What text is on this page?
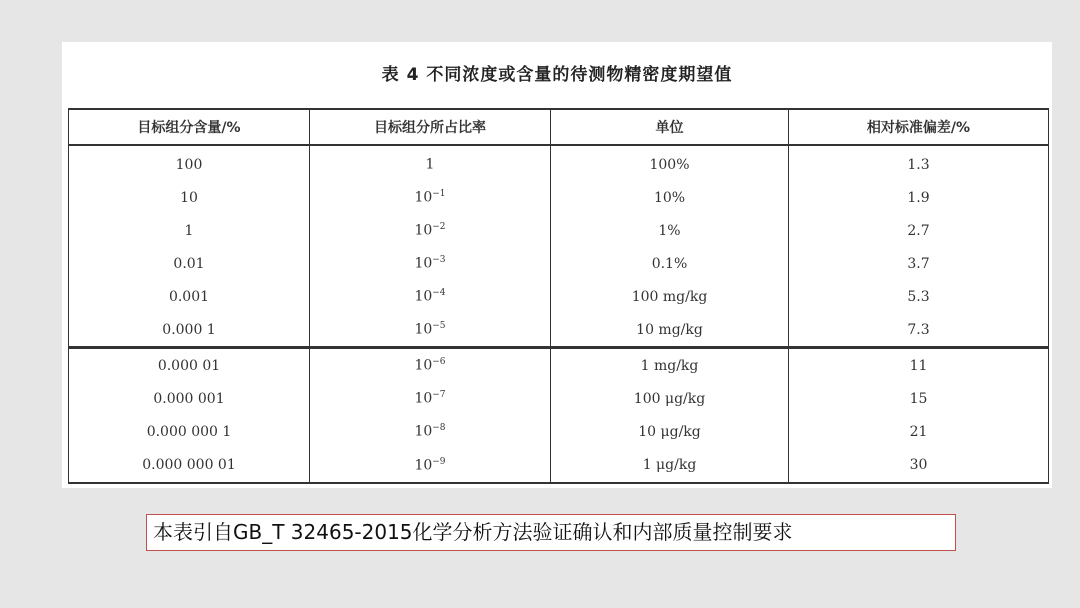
表 4 不同浓度或含量的待测物精密度期望值
目标组分含量/%	目标组分所占比率	单位	相对标准偏差/%
100	1	100%	1.3
10	$10^{-1}$	10%	1.9
1	$10^{-2}$	1%	2.7
0.01	$10^{-3}$	0.1%	3.7
0.001	$10^{-4}$	100 mg/kg	5.3
0.000 1	$10^{-5}$	10 mg/kg	7.3
0.000 01	$10^{-6}$	1 mg/kg	11
0.000 001	$10^{-7}$	100 μg/kg	15
0.000 000 1	$10^{-8}$	10 μg/kg	21
0.000 000 01	$10^{-9}$	1 μg/kg	30
本表引自GB_T 32465-2015化学分析方法验证确认和内部质量控制要求
